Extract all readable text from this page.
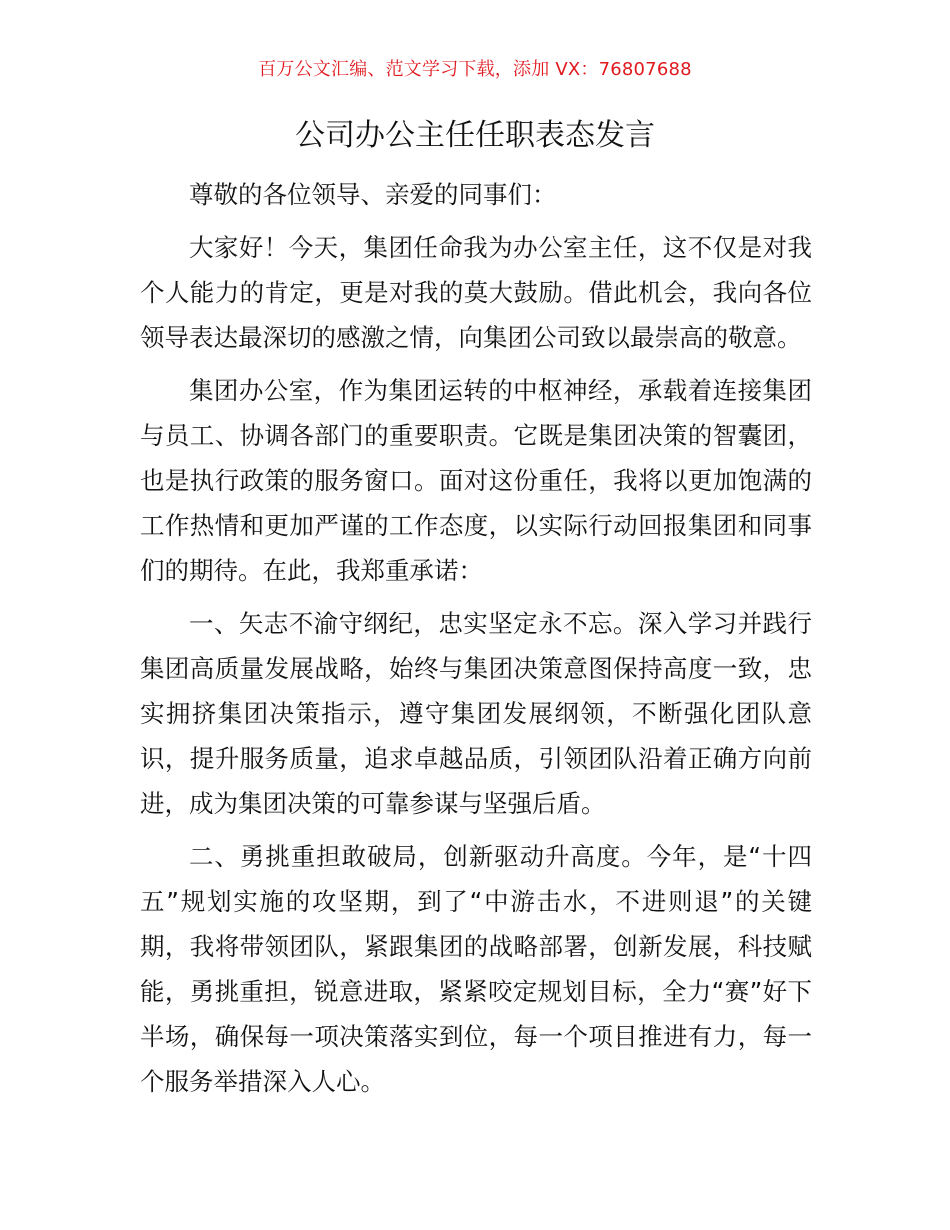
百万公文汇编、范文学习下载，添加 VX：76807688
公司办公主任任职表态发言

尊敬的各位领导、亲爱的同事们：

大家好！今天，集团任命我为办公室主任，这不仅是对我个人能力的肯定，更是对我的莫大鼓励。借此机会，我向各位领导表达最深切的感激之情，向集团公司致以最崇高的敬意。

集团办公室，作为集团运转的中枢神经，承载着连接集团与员工、协调各部门的重要职责。它既是集团决策的智囊团，也是执行政策的服务窗口。面对这份重任，我将以更加饱满的工作热情和更加严谨的工作态度，以实际行动回报集团和同事们的期待。在此，我郑重承诺：

一、矢志不渝守纲纪，忠实坚定永不忘。深入学习并践行集团高质量发展战略，始终与集团决策意图保持高度一致，忠实拥挤集团决策指示，遵守集团发展纲领，不断强化团队意识，提升服务质量，追求卓越品质，引领团队沿着正确方向前进，成为集团决策的可靠参谋与坚强后盾。

二、勇挑重担敢破局，创新驱动升高度。今年，是“十四五”规划实施的攻坚期，到了“中游击水，不进则退”的关键期，我将带领团队，紧跟集团的战略部署，创新发展，科技赋能，勇挑重担，锐意进取，紧紧咬定规划目标，全力“赛”好下半场，确保每一项决策落实到位，每一个项目推进有力，每一个服务举措深入人心。
